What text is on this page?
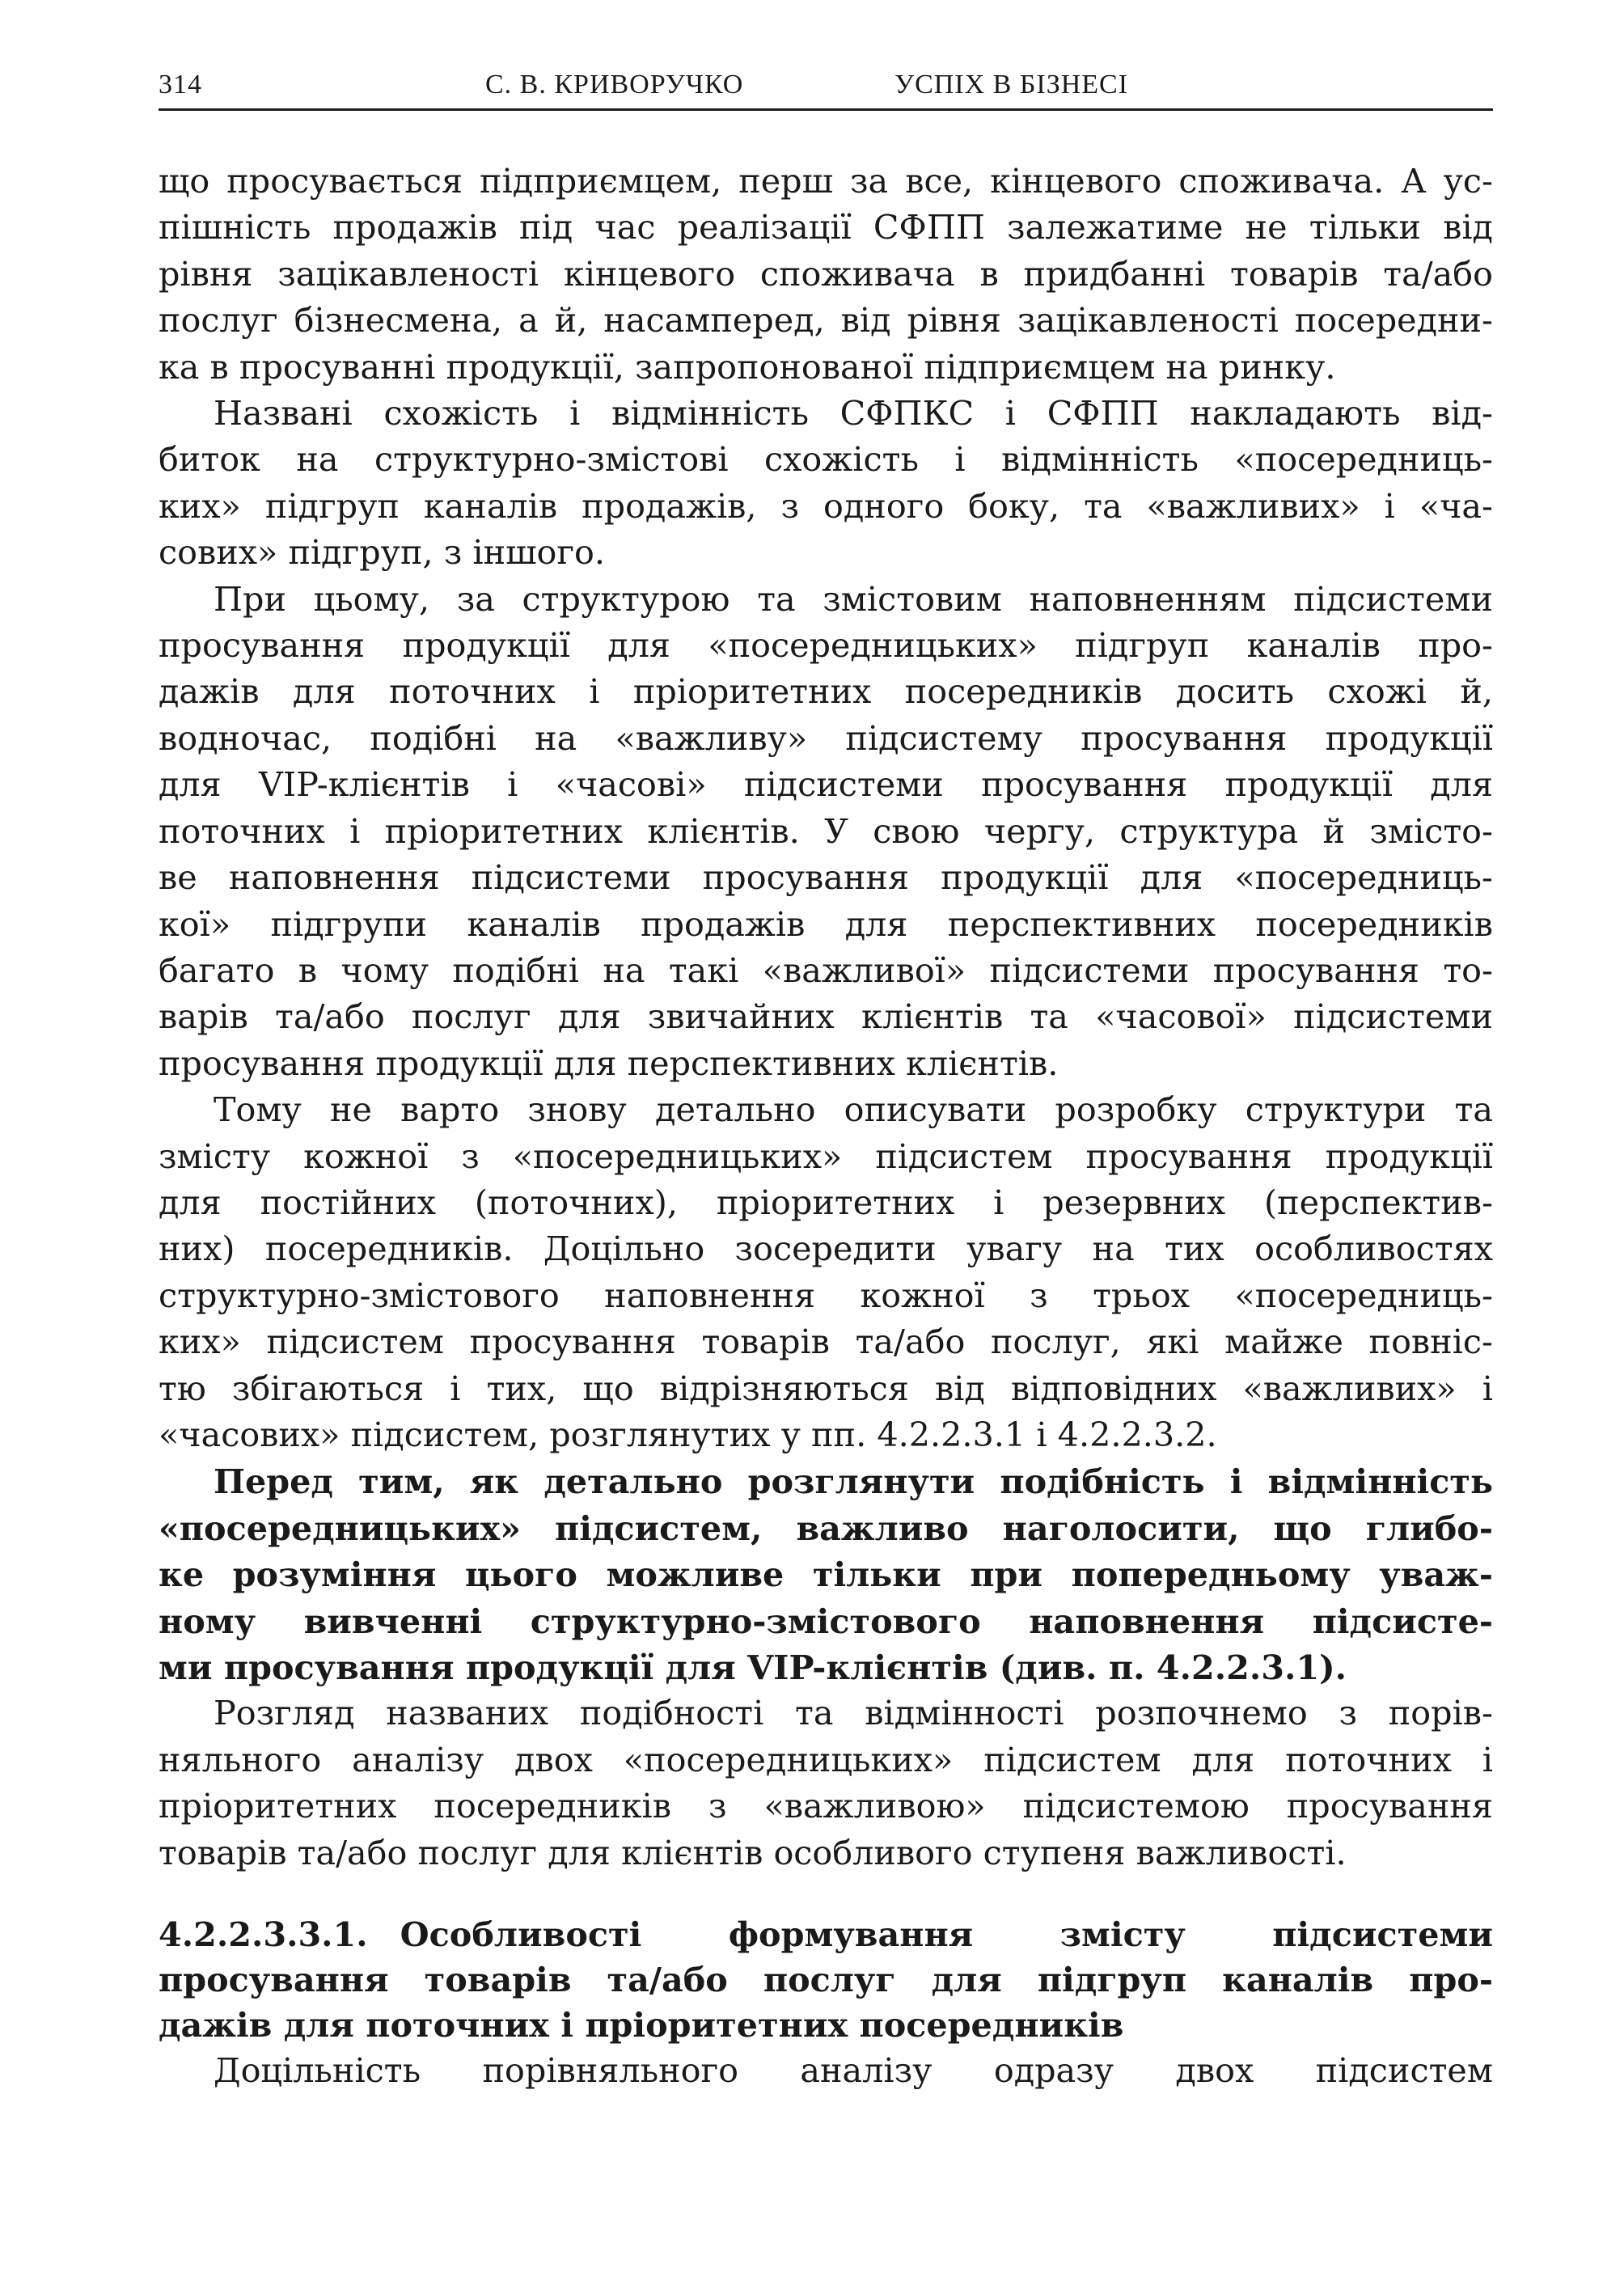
314	С. В. КРИВОРУЧКО	УСПІХ В БІЗНЕСІ

що просувається підприємцем, перш за все, кінцевого споживача. А ус-
пішність продажів під час реалізації СФПП залежатиме не тільки від
рівня зацікавленості кінцевого споживача в придбанні товарів та/або
послуг бізнесмена, а й, насамперед, від рівня зацікавленості посередни-
ка в просуванні продукції, запропонованої підприємцем на ринку.

Названі схожість і відмінність СФПКС і СФПП накладають від-
биток на структурно-змістові схожість і відмінність «посередниць-
ких» підгруп каналів продажів, з одного боку, та «важливих» і «ча-
сових» підгруп, з іншого.

При цьому, за структурою та змістовим наповненням підсистеми
просування продукції для «посередницьких» підгруп каналів про-
дажів для поточних і пріоритетних посередників досить схожі й,
водночас, подібні на «важливу» підсистему просування продукції
для VIP-клієнтів і «часові» підсистеми просування продукції для
поточних і пріоритетних клієнтів. У свою чергу, структура й змісто-
ве наповнення підсистеми просування продукції для «посередниць-
кої» підгрупи каналів продажів для перспективних посередників
багато в чому подібні на такі «важливої» підсистеми просування то-
варів та/або послуг для звичайних клієнтів та «часової» підсистеми
просування продукції для перспективних клієнтів.

Тому не варто знову детально описувати розробку структури та
змісту кожної з «посередницьких» підсистем просування продукції
для постійних (поточних), пріоритетних і резервних (перспектив-
них) посередників. Доцільно зосередити увагу на тих особливостях
структурно-змістового наповнення кожної з трьох «посередниць-
ких» підсистем просування товарів та/або послуг, які майже повніс-
тю збігаються і тих, що відрізняються від відповідних «важливих» і
«часових» підсистем, розглянутих у пп. 4.2.2.3.1 і 4.2.2.3.2.

Перед тим, як детально розглянути подібність і відмінність
«посередницьких» підсистем, важливо наголосити, що глибо-
ке розуміння цього можливе тільки при попередньому уваж-
ному вивченні структурно-змістового наповнення підсисте-
ми просування продукції для VIP-клієнтів (див. п. 4.2.2.3.1).

Розгляд названих подібності та відмінності розпочнемо з порів-
няльного аналізу двох «посередницьких» підсистем для поточних і
пріоритетних посередників з «важливою» підсистемою просування
товарів та/або послуг для клієнтів особливого ступеня важливості.

4.2.2.3.3.1. Особливості формування змісту підсистеми
просування товарів та/або послуг для підгруп каналів про-
дажів для поточних і пріоритетних посередників

Доцільність порівняльного аналізу одразу двох підсистем
